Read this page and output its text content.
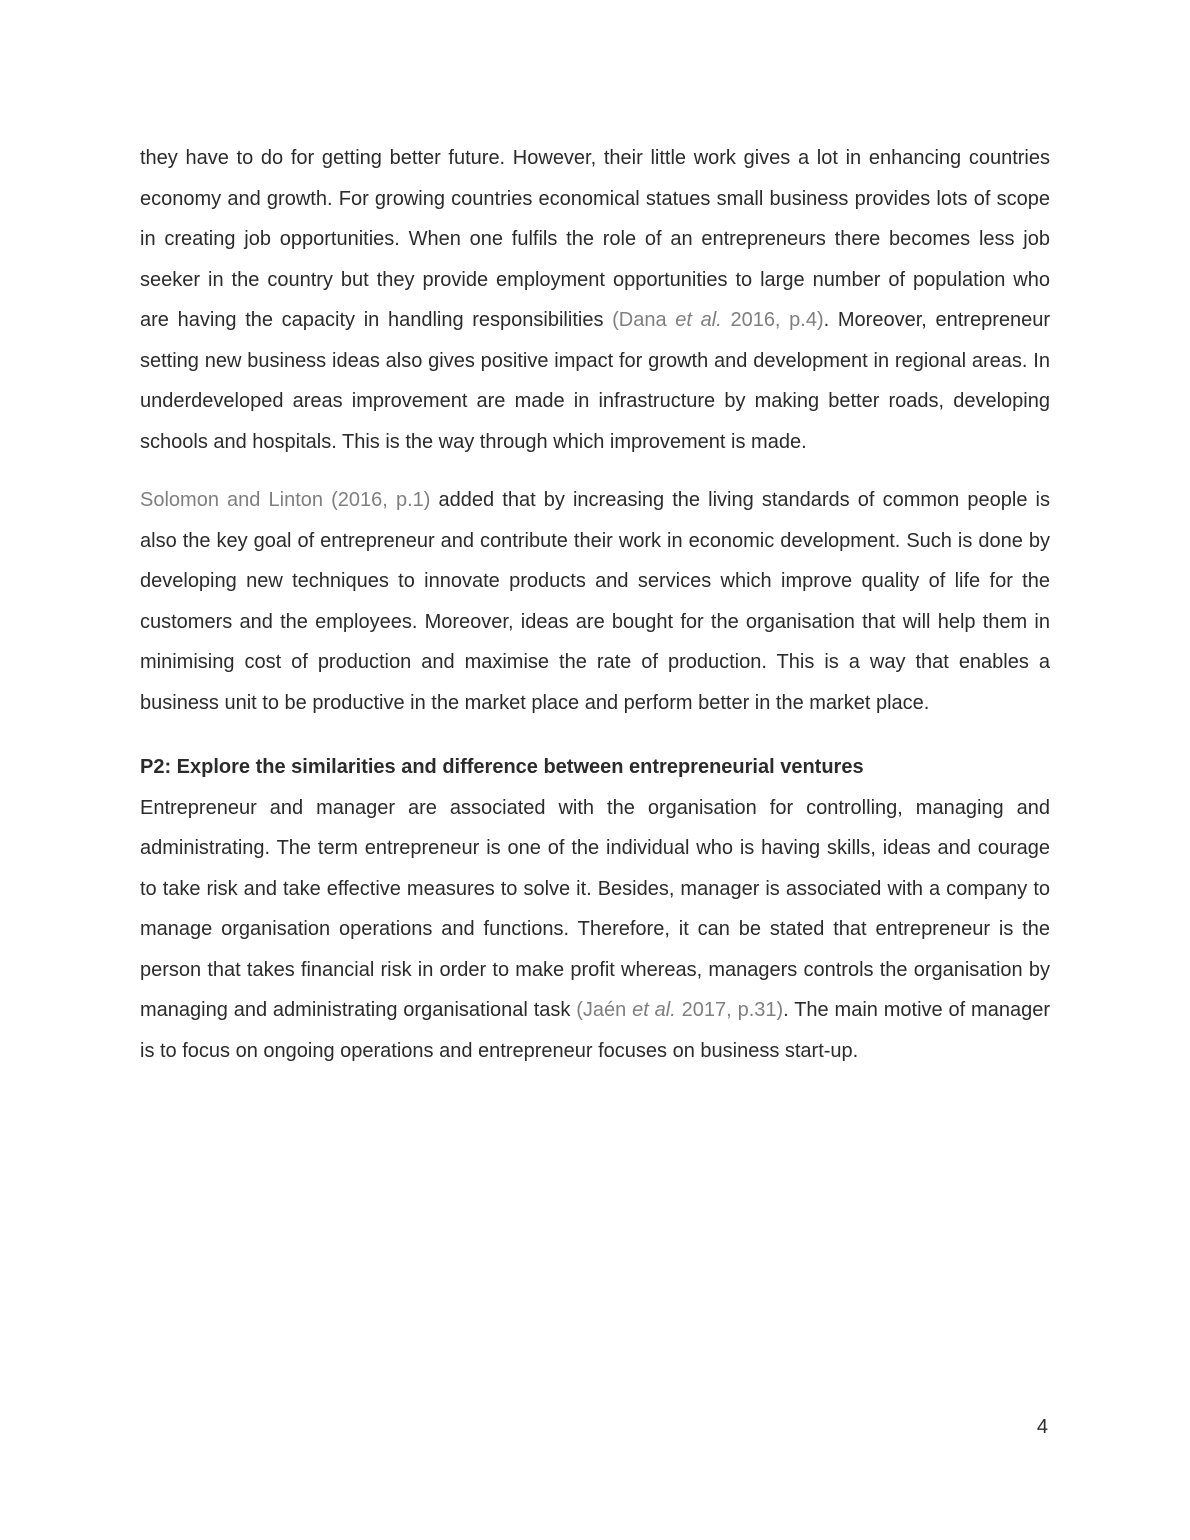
they have to do for getting better future. However, their little work gives a lot in enhancing countries economy and growth. For growing countries economical statues small business provides lots of scope in creating job opportunities. When one fulfils the role of an entrepreneurs there becomes less job seeker in the country but they provide employment opportunities to large number of population who are having the capacity in handling responsibilities (Dana et al. 2016, p.4). Moreover, entrepreneur setting new business ideas also gives positive impact for growth and development in regional areas. In underdeveloped areas improvement are made in infrastructure by making better roads, developing schools and hospitals. This is the way through which improvement is made.

Solomon and Linton (2016, p.1) added that by increasing the living standards of common people is also the key goal of entrepreneur and contribute their work in economic development. Such is done by developing new techniques to innovate products and services which improve quality of life for the customers and the employees. Moreover, ideas are bought for the organisation that will help them in minimising cost of production and maximise the rate of production. This is a way that enables a business unit to be productive in the market place and perform better in the market place.

P2: Explore the similarities and difference between entrepreneurial ventures

Entrepreneur and manager are associated with the organisation for controlling, managing and administrating. The term entrepreneur is one of the individual who is having skills, ideas and courage to take risk and take effective measures to solve it. Besides, manager is associated with a company to manage organisation operations and functions. Therefore, it can be stated that entrepreneur is the person that takes financial risk in order to make profit whereas, managers controls the organisation by managing and administrating organisational task (Jaén et al. 2017, p.31). The main motive of manager is to focus on ongoing operations and entrepreneur focuses on business start-up.

4
